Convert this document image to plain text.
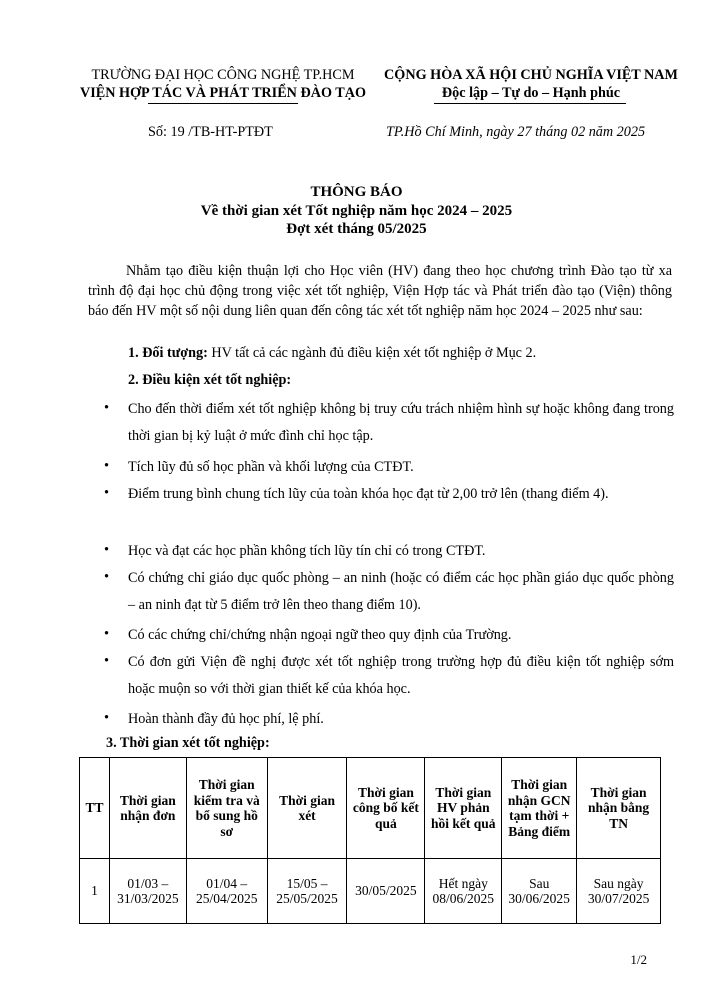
TRƯỜNG ĐẠI HỌC CÔNG NGHỆ TP.HCM
VIỆN HỢP TÁC VÀ PHÁT TRIỂN ĐÀO TẠO
CỘNG HÒA XÃ HỘI CHỦ NGHĨA VIỆT NAM
Độc lập – Tự do – Hạnh phúc
Số: 19 /TB-HT-PTĐT	TP.Hồ Chí Minh, ngày 27 tháng 02 năm 2025
THÔNG BÁO
Về thời gian xét Tốt nghiệp năm học 2024 – 2025
Đợt xét tháng 05/2025
Nhằm tạo điều kiện thuận lợi cho Học viên (HV) đang theo học chương trình Đào tạo từ xa trình độ đại học chủ động trong việc xét tốt nghiệp, Viện Hợp tác và Phát triển đào tạo (Viện) thông báo đến HV một số nội dung liên quan đến công tác xét tốt nghiệp năm học 2024 – 2025 như sau:
1. Đối tượng: HV tất cả các ngành đủ điều kiện xét tốt nghiệp ở Mục 2.
2. Điều kiện xét tốt nghiệp:
• Cho đến thời điểm xét tốt nghiệp không bị truy cứu trách nhiệm hình sự hoặc không đang trong thời gian bị kỷ luật ở mức đình chỉ học tập.
• Tích lũy đủ số học phần và khối lượng của CTĐT.
• Điểm trung bình chung tích lũy của toàn khóa học đạt từ 2,00 trở lên (thang điểm 4).
• Học và đạt các học phần không tích lũy tín chỉ có trong CTĐT.
• Có chứng chỉ giáo dục quốc phòng – an ninh (hoặc có điểm các học phần giáo dục quốc phòng – an ninh đạt từ 5 điểm trở lên theo thang điểm 10).
• Có các chứng chỉ/chứng nhận ngoại ngữ theo quy định của Trường.
• Có đơn gửi Viện đề nghị được xét tốt nghiệp trong trường hợp đủ điều kiện tốt nghiệp sớm hoặc muộn so với thời gian thiết kế của khóa học.
• Hoàn thành đầy đủ học phí, lệ phí.
3. Thời gian xét tốt nghiệp:
TT	Thời gian nhận đơn	Thời gian kiểm tra và bổ sung hồ sơ	Thời gian xét	Thời gian công bố kết quả	Thời gian HV phản hồi kết quả	Thời gian nhận GCN tạm thời + Bảng điểm	Thời gian nhận bằng TN
1	01/03 – 31/03/2025	01/04 – 25/04/2025	15/05 – 25/05/2025	30/05/2025	Hết ngày 08/06/2025	Sau 30/06/2025	Sau ngày 30/07/2025
1/2
